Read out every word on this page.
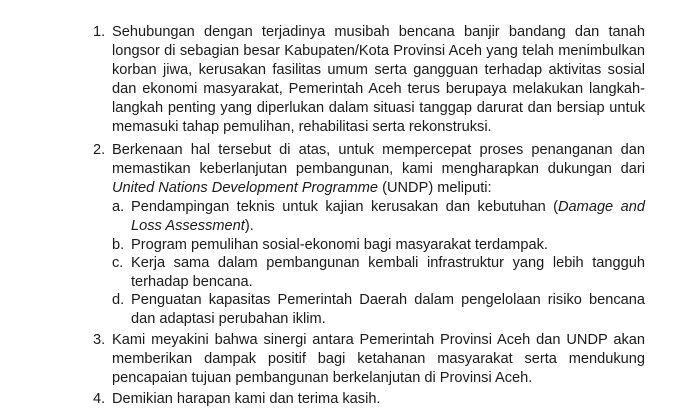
1. Sehubungan dengan terjadinya musibah bencana banjir bandang dan tanah longsor di sebagian besar Kabupaten/Kota Provinsi Aceh yang telah menimbulkan korban jiwa, kerusakan fasilitas umum serta gangguan terhadap aktivitas sosial dan ekonomi masyarakat, Pemerintah Aceh terus berupaya melakukan langkah-langkah penting yang diperlukan dalam situasi tanggap darurat dan bersiap untuk memasuki tahap pemulihan, rehabilitasi serta rekonstruksi.
2. Berkenaan hal tersebut di atas, untuk mempercepat proses penanganan dan memastikan keberlanjutan pembangunan, kami mengharapkan dukungan dari United Nations Development Programme (UNDP) meliputi:
a. Pendampingan teknis untuk kajian kerusakan dan kebutuhan (Damage and Loss Assessment).
b. Program pemulihan sosial-ekonomi bagi masyarakat terdampak.
c. Kerja sama dalam pembangunan kembali infrastruktur yang lebih tangguh terhadap bencana.
d. Penguatan kapasitas Pemerintah Daerah dalam pengelolaan risiko bencana dan adaptasi perubahan iklim.
3. Kami meyakini bahwa sinergi antara Pemerintah Provinsi Aceh dan UNDP akan memberikan dampak positif bagi ketahanan masyarakat serta mendukung pencapaian tujuan pembangunan berkelanjutan di Provinsi Aceh.
4. Demikian harapan kami dan terima kasih.
